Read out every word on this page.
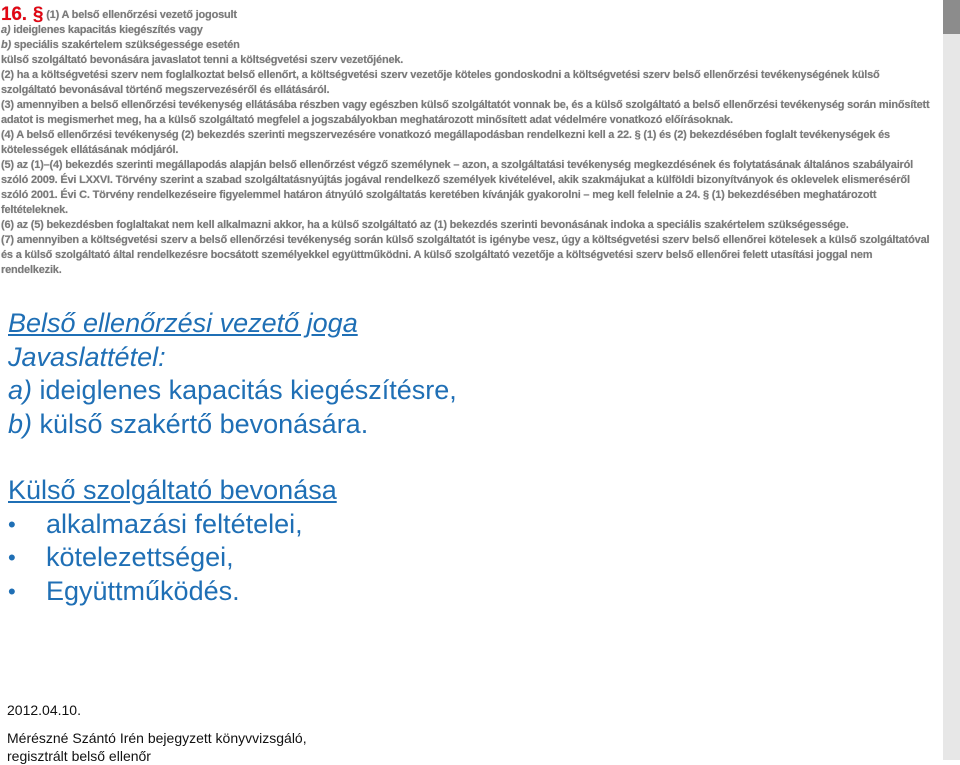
16. § (1) A belső ellenőrzési vezető jogosult

a) ideiglenes kapacitás kiegészítés vagy

b) speciális szakértelem szükségessége esetén

külső szolgáltató bevonására javaslatot tenni a költségvetési szerv vezetőjének.

(2) ha a költségvetési szerv nem foglalkoztat belső ellenőrt, a költségvetési szerv vezetője köteles gondoskodni a költségvetési szerv belső ellenőrzési tevékenységének külső szolgáltató bevonásával történő megszervezéséről és ellátásáról.

(3) amennyiben a belső ellenőrzési tevékenység ellátásába részben vagy egészben külső szolgáltatót vonnak be, és a külső szolgáltató a belső ellenőrzési tevékenység során minősített adatot is megismerhet meg, ha a külső szolgáltató megfelel a jogszabályokban meghatározott minősített adat védelmére vonatkozó előírásoknak.

(4) A belső ellenőrzési tevékenység (2) bekezdés szerinti megszervezésére vonatkozó megállapodásban rendelkezni kell a 22. § (1) és (2) bekezdésében foglalt tevékenységek és kötelességek ellátásának módjáról.

(5) az (1)–(4) bekezdés szerinti megállapodás alapján belső ellenőrzést végző személynek – azon, a szolgáltatási tevékenység megkezdésének és folytatásának általános szabályairól szóló 2009. Évi LXXVI. Törvény szerint a szabad szolgáltatásnyújtás jogával rendelkező személyek kivételével, akik szakmájukat a külföldi bizonyítványok és oklevelek elismeréséről szóló 2001. Évi C. Törvény rendelkezéseire figyelemmel határon átnyúló szolgáltatás keretében kívánják gyakorolni – meg kell felelnie a 24. § (1) bekezdésében meghatározott feltételeknek.

(6) az (5) bekezdésben foglaltakat nem kell alkalmazni akkor, ha a külső szolgáltató az (1) bekezdés szerinti bevonásának indoka a speciális szakértelem szükségessége.

(7) amennyiben a költségvetési szerv a belső ellenőrzési tevékenység során külső szolgáltatót is igénybe vesz, úgy a költségvetési szerv belső ellenőrei kötelesek a külső szolgáltatóval és a külső szolgáltató által rendelkezésre bocsátott személyekkel együttműködni. A külső szolgáltató vezetője a költségvetési szerv belső ellenőrei felett utasítási joggal nem rendelkezik.

Belső ellenőrzési vezető joga
Javaslattétel:
a) ideiglenes kapacitás kiegészítésre,
b) külső szakértő bevonására.
Külső szolgáltató bevonása
• alkalmazási feltételei,
• kötelezettségei,
• Együttműködés.
2012.04.10.
Mérészné Szántó Irén bejegyzett könyvvizsgáló,
regisztrált belső ellenőr
